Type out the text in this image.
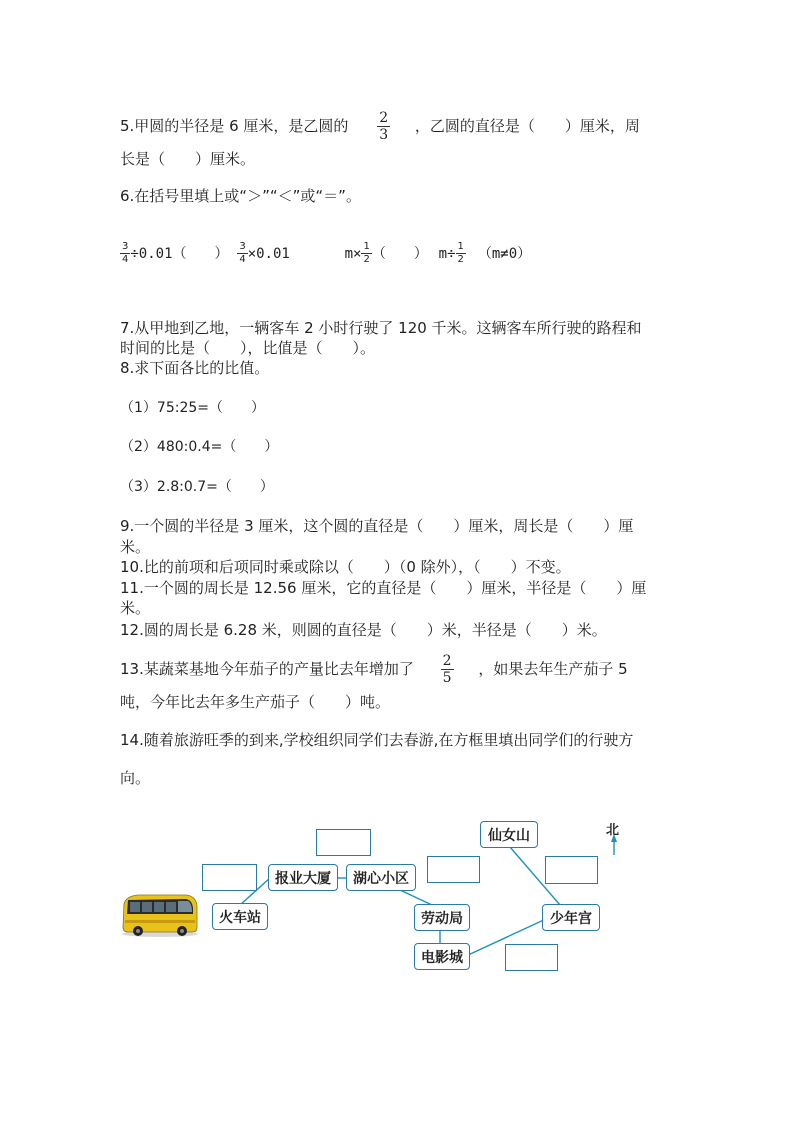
5.甲圆的半径是 6 厘米，是乙圆的 $\frac{2}{3}$ ，乙圆的直径是（　　）厘米，周
长是（　　）厘米。
6.在括号里填上或“＞”“＜”或“＝”。
$\frac{3}{4} \div 0.01$（　　） $\frac{3}{4} \times 0.01$	$m\times \frac{1}{2}$ （　　） $m\div \frac{1}{2} (m\ne 0)$
7.从甲地到乙地，一辆客车 2 小时行驶了 120 千米。这辆客车所行驶的路程和
时间的比是（　　），比值是（　　）。
8.求下面各比的比值。
（1）75:25=（　　）
（2）480:0.4=（　　）
（3）2.8:0.7=（　　）
9.一个圆的半径是 3 厘米，这个圆的直径是（　　）厘米，周长是（　　）厘
米。
10.比的前项和后项同时乘或除以（　　）（0 除外），（　　）不变。
11.一个圆的周长是 12.56 厘米，它的直径是（　　）厘米，半径是（　　）厘
米。
12.圆的周长是 6.28 米，则圆的直径是（　　）米，半径是（　　）米。
13.某蔬菜基地今年茄子的产量比去年增加了 $\frac{2}{5}$ ，如果去年生产茄子 5
吨，今年比去年多生产茄子（　　）吨。
14.随着旅游旺季的到来,学校组织同学们去春游,在方框里填出同学们的行驶方
向。
火车站
报业大厦	湖心小区
劳动局
电影城
少年宫
仙女山	北
